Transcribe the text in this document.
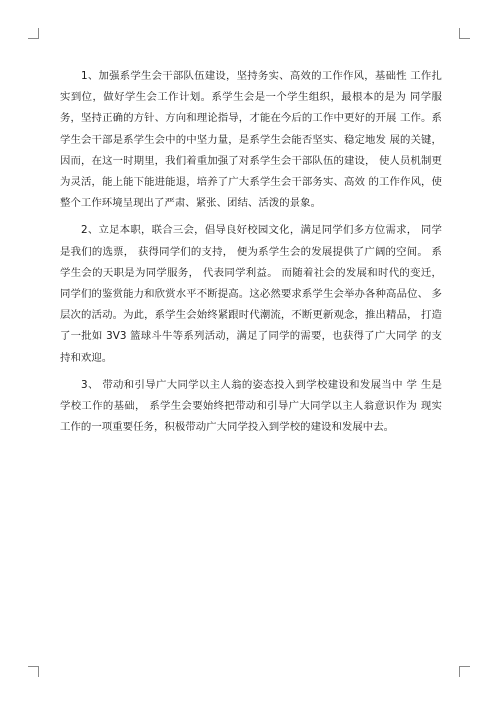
1、加强系学生会干部队伍建设，坚持务实、高效的工作作风，基础性 工作扎实到位，做好学生会工作计划。系学生会是一个学生组织，最根本的是为 同学服务，坚持正确的方针、方向和理论指导，才能在今后的工作中更好的开展 工作。系学生会干部是系学生会中的中坚力量，是系学生会能否坚实、稳定地发 展的关键，因而，在这一时期里，我们着重加强了对系学生会干部队伍的建设， 使人员机制更为灵活，能上能下能进能退，培养了广大系学生会干部务实、高效 的工作作风，使整个工作环境呈现出了严肃、紧张、团结、活泼的景象。

2、立足本职，联合三会，倡导良好校园文化，满足同学们多方位需求， 同学是我们的选票， 获得同学们的支持， 便为系学生会的发展提供了广阔的空间。 系学生会的天职是为同学服务， 代表同学利益。 而随着社会的发展和时代的变迁， 同学们的鉴赏能力和欣赏水平不断提高。这必然要求系学生会举办各种高品位、 多层次的活动。为此，系学生会始终紧跟时代潮流，不断更新观念，推出精品， 打造了一批如 3V3 篮球斗牛等系列活动，满足了同学的需要，也获得了广大同学 的支持和欢迎。

3、 带动和引导广大同学以主人翁的姿态投入到学校建设和发展当中 学 生是学校工作的基础， 系学生会要始终把带动和引导广大同学以主人翁意识作为 现实工作的一项重要任务，积极带动广大同学投入到学校的建设和发展中去。
